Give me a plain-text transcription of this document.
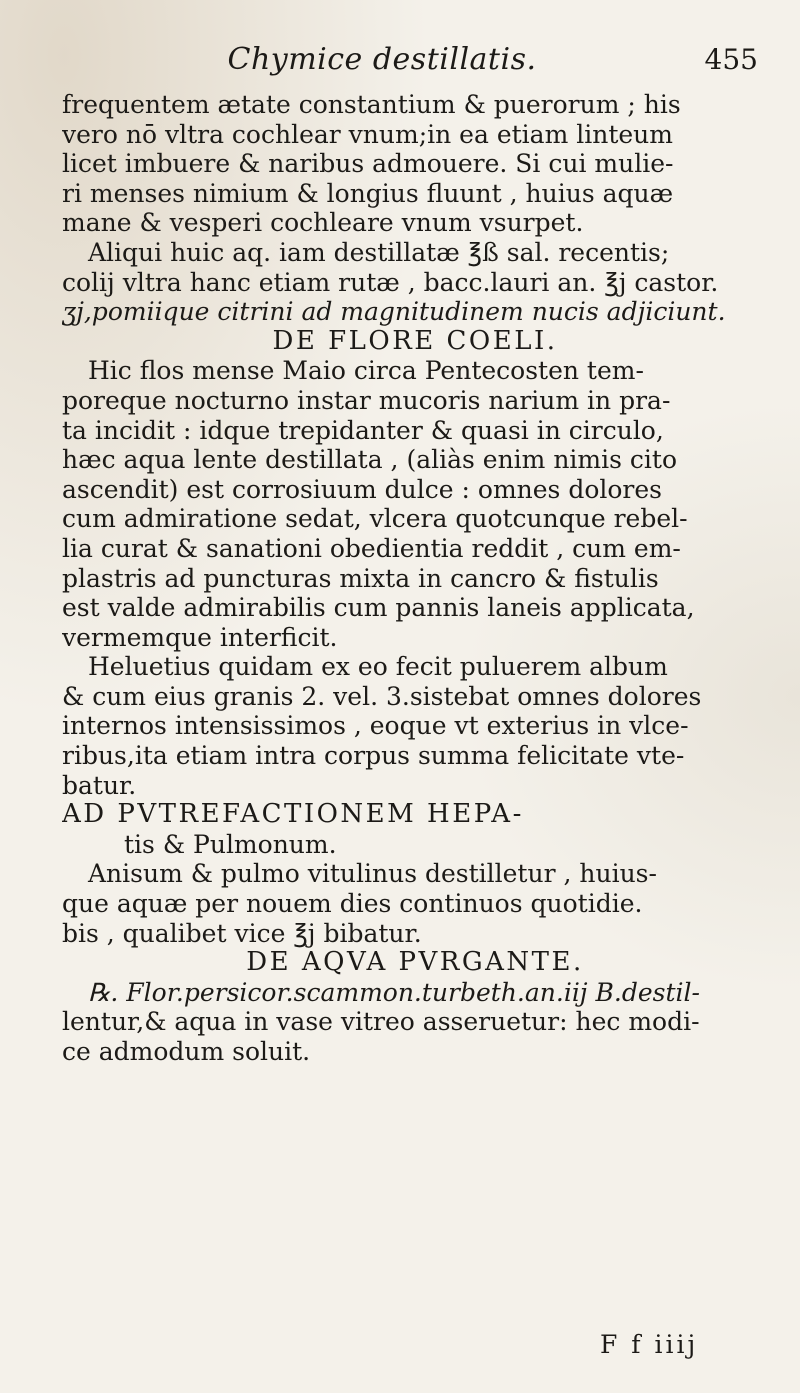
Chymice destillatis.	455
frequentem ætate constantium & puerorum ; his
vero nō vltra cochlear vnum;in ea etiam linteum
licet imbuere & naribus admouere. Si cui mulie-
ri menses nimium & longius fluunt , huius aquæ
mane & vesperi cochleare vnum vsurpet.
Aliqui huic aq. iam destillatæ ℥ß sal. recentis;
colij vltra hanc etiam rutæ , bacc.lauri an. ℥j castor.
ʒj,pomiique citrini ad magnitudinem nucis adjiciunt.
DE FLORE COELI.
Hic flos mense Maio circa Pentecosten tem-
poreque nocturno instar mucoris narium in pra-
ta incidit : idque trepidanter & quasi in circulo,
hæc aqua lente destillata , (aliàs enim nimis cito
ascendit) est corrosiuum dulce : omnes dolores
cum admiratione sedat, vlcera quotcunque rebel-
lia curat & sanationi obedientia reddit , cum em-
plastris ad puncturas mixta in cancro & fistulis
est valde admirabilis cum pannis laneis applicata,
vermemque interficit.
Heluetius quidam ex eo fecit puluerem album
& cum eius granis 2. vel. 3.sistebat omnes dolores
internos intensissimos , eoque vt exterius in vlce-
ribus,ita etiam intra corpus summa felicitate vte-
batur.
AD PVTREFACTIONEM HEPA-
tis & Pulmonum.
Anisum & pulmo vitulinus destilletur , huius-
que aquæ per nouem dies continuos quotidie.
bis , qualibet vice ℥j bibatur.
DE AQVA PVRGANTE.
℞. Flor.persicor.scammon.turbeth.an.iij B.destil-
lentur,& aqua in vase vitreo asseruetur: hec modi-
ce admodum soluit.
F f iiij
